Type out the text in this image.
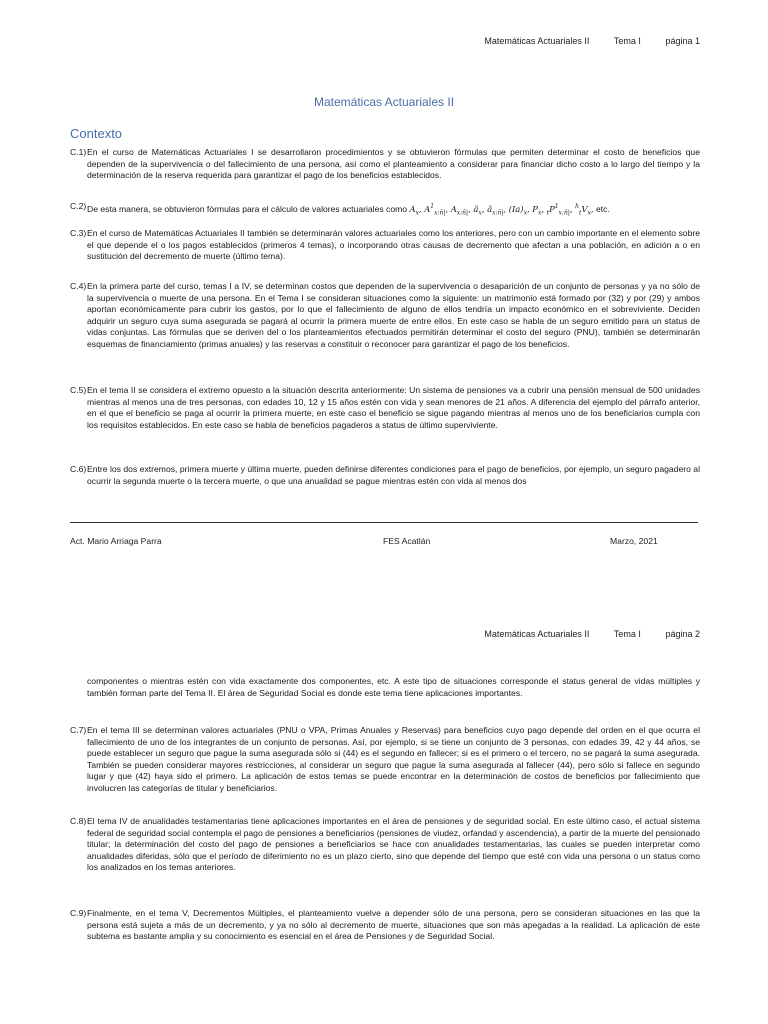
Matemáticas Actuariales II	Tema I	página 1
Matemáticas Actuariales II
Contexto
C.1) En el curso de Matemáticas Actuariales I se desarrollaron procedimientos y se obtuvieron fórmulas que permiten determinar el costo de beneficios que dependen de la supervivencia o del fallecimiento de una persona, así como el planteamiento a considerar para financiar dicho costo a lo largo del tiempo y la determinación de la reserva requerida para garantizar el pago de los beneficios establecidos.
C.2) De esta manera, se obtuvieron fórmulas para el cálculo de valores actuariales como $A_x$, $A^1_{x:n̄|}$, $A_{x:n̄|}$, $ä_x$, $ä_{x:n̄|}$, $(Ia)_x$, $P_x$, $_tP^1_{x:n̄|}$, $^h_tV_x$, etc.
C.3) En el curso de Matemáticas Actuariales II también se determinarán valores actuariales como los anteriores, pero con un cambio importante en el elemento sobre el que depende el o los pagos establecidos (primeros 4 temas), o incorporando otras causas de decremento que afectan a una población, en adición a o en sustitución del decremento de muerte (último tema).
C.4) En la primera parte del curso, temas I a IV, se determinan costos que dependen de la supervivencia o desaparición de un conjunto de personas y ya no sólo de la supervivencia o muerte de una persona. En el Tema I se consideran situaciones como la siguiente: un matrimonio está formado por (32) y por (29) y ambos aportan económicamente para cubrir los gastos, por lo que el fallecimiento de alguno de ellos tendría un impacto económico en el sobreviviente. Deciden adquirir un seguro cuya suma asegurada se pagará al ocurrir la primera muerte de entre ellos. En este caso se habla de un seguro emitido para un status de vidas conjuntas. Las fórmulas que se deriven del o los planteamientos efectuados permitirán determinar el costo del seguro (PNU), también se determinarán esquemas de financiamiento (primas anuales) y las reservas a constituir o reconocer para garantizar el pago de los beneficios.
C.5) En el tema II se considera el extremo opuesto a la situación descrita anteriormente: Un sistema de pensiones va a cubrir una pensión mensual de 500 unidades mientras al menos una de tres personas, con edades 10, 12 y 15 años estén con vida y sean menores de 21 años. A diferencia del ejemplo del párrafo anterior, en el que el beneficio se paga al ocurrir la primera muerte, en este caso el beneficio se sigue pagando mientras al menos uno de los beneficiarios cumpla con los requisitos establecidos. En este caso se habla de beneficios pagaderos a status de último superviviente.
C.6) Entre los dos extremos, primera muerte y última muerte, pueden definirse diferentes condiciones para el pago de beneficios, por ejemplo, un seguro pagadero al ocurrir la segunda muerte o la tercera muerte, o que una anualidad se pague mientras estén con vida al menos dos
Act. Mario Arriaga Parra	FES Acatlán	Marzo, 2021
Matemáticas Actuariales II	Tema I	página 2
componentes o mientras estén con vida exactamente dos componentes, etc. A este tipo de situaciones corresponde el status general de vidas múltiples y también forman parte del Tema II. El área de Seguridad Social es donde este tema tiene aplicaciones importantes.
C.7) En el tema III se determinan valores actuariales (PNU o VPA, Primas Anuales y Reservas) para beneficios cuyo pago depende del orden en el que ocurra el fallecimiento de uno de los integrantes de un conjunto de personas. Así, por ejemplo, si se tiene un conjunto de 3 personas, con edades 39, 42 y 44 años, se puede establecer un seguro que pague la suma asegurada sólo si (44) es el segundo en fallecer; si es el primero o el tercero, no se pagará la suma asegurada. También se pueden considerar mayores restricciones, al considerar un seguro que pague la suma asegurada al fallecer (44), pero sólo si fallece en segundo lugar y que (42) haya sido el primero. La aplicación de estos temas se puede encontrar en la determinación de costos de beneficios por fallecimiento que involucren las categorías de titular y beneficiarios.
C.8) El tema IV de anualidades testamentarias tiene aplicaciones importantes en el área de pensiones y de seguridad social. En este último caso, el actual sistema federal de seguridad social contempla el pago de pensiones a beneficiarios (pensiones de viudez, orfandad y ascendencia), a partir de la muerte del pensionado titular; la determinación del costo del pago de pensiones a beneficiarios se hace con anualidades testamentarias, las cuales se pueden interpretar como anualidades diferidas, sólo que el período de diferimiento no es un plazo cierto, sino que depende del tiempo que esté con vida una persona o un status como los analizados en los temas anteriores.
C.9) Finalmente, en el tema V, Decrementos Múltiples, el planteamiento vuelve a depender sólo de una persona, pero se consideran situaciones en las que la persona está sujeta a más de un decremento, y ya no sólo al decremento de muerte, situaciones que son más apegadas a la realidad. La aplicación de este subtema es bastante amplia y su conocimiento es esencial en el área de Pensiones y de Seguridad Social.
